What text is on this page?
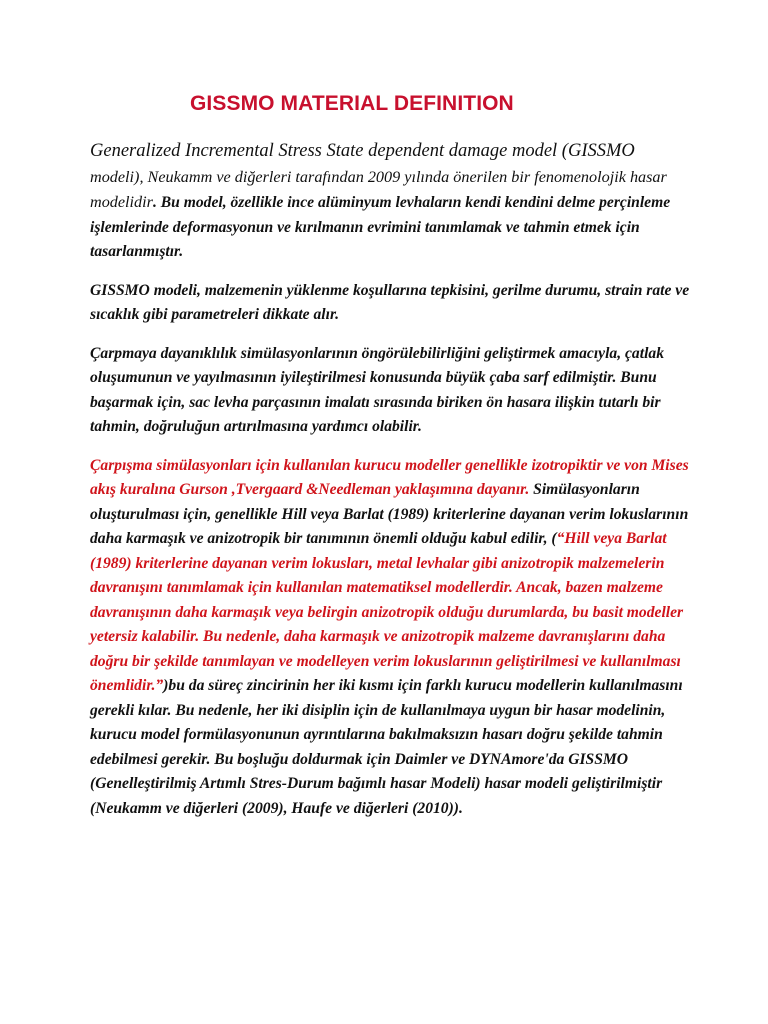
GISSMO MATERIAL DEFINITION

Generalized Incremental Stress State dependent damage model (GISSMO modeli), Neukamm ve diğerleri tarafından 2009 yılında önerilen bir fenomenolojik hasar modelidir. Bu model, özellikle ince alüminyum levhaların kendi kendini delme perçinleme işlemlerinde deformasyonun ve kırılmanın evrimini tanımlamak ve tahmin etmek için tasarlanmıştır.

GISSMO modeli, malzemenin yüklenme koşullarına tepkisini, gerilme durumu, strain rate ve sıcaklık gibi parametreleri dikkate alır.

Çarpmaya dayanıklılık simülasyonlarının öngörülebilirliğini geliştirmek amacıyla, çatlak oluşumunun ve yayılmasının iyileştirilmesi konusunda büyük çaba sarf edilmiştir. Bunu başarmak için, sac levha parçasının imalatı sırasında biriken ön hasara ilişkin tutarlı bir tahmin, doğruluğun artırılmasına yardımcı olabilir.

Çarpışma simülasyonları için kullanılan kurucu modeller genellikle izotropiktir ve von Mises akış kuralına Gurson ,Tvergaard &Needleman yaklaşımına dayanır. Simülasyonların oluşturulması için, genellikle Hill veya Barlat (1989) kriterlerine dayanan verim lokuslarının daha karmaşık ve anizotropik bir tanımının önemli olduğu kabul edilir, (“Hill veya Barlat (1989) kriterlerine dayanan verim lokusları, metal levhalar gibi anizotropik malzemelerin davranışını tanımlamak için kullanılan matematiksel modellerdir. Ancak, bazen malzeme davranışının daha karmaşık veya belirgin anizotropik olduğu durumlarda, bu basit modeller yetersiz kalabilir. Bu nedenle, daha karmaşık ve anizotropik malzeme davranışlarını daha doğru bir şekilde tanımlayan ve modelleyen verim lokuslarının geliştirilmesi ve kullanılması önemlidir.”)bu da süreç zincirinin her iki kısmı için farklı kurucu modellerin kullanılmasını gerekli kılar. Bu nedenle, her iki disiplin için de kullanılmaya uygun bir hasar modelinin, kurucu model formülasyonunun ayrıntılarına bakılmaksızın hasarı doğru şekilde tahmin edebilmesi gerekir. Bu boşluğu doldurmak için Daimler ve DYNAmore'da GISSMO (Genelleştirilmiş Artımlı Stres-Durum bağımlı hasar Modeli) hasar modeli geliştirilmiştir (Neukamm ve diğerleri (2009), Haufe ve diğerleri (2010)).
